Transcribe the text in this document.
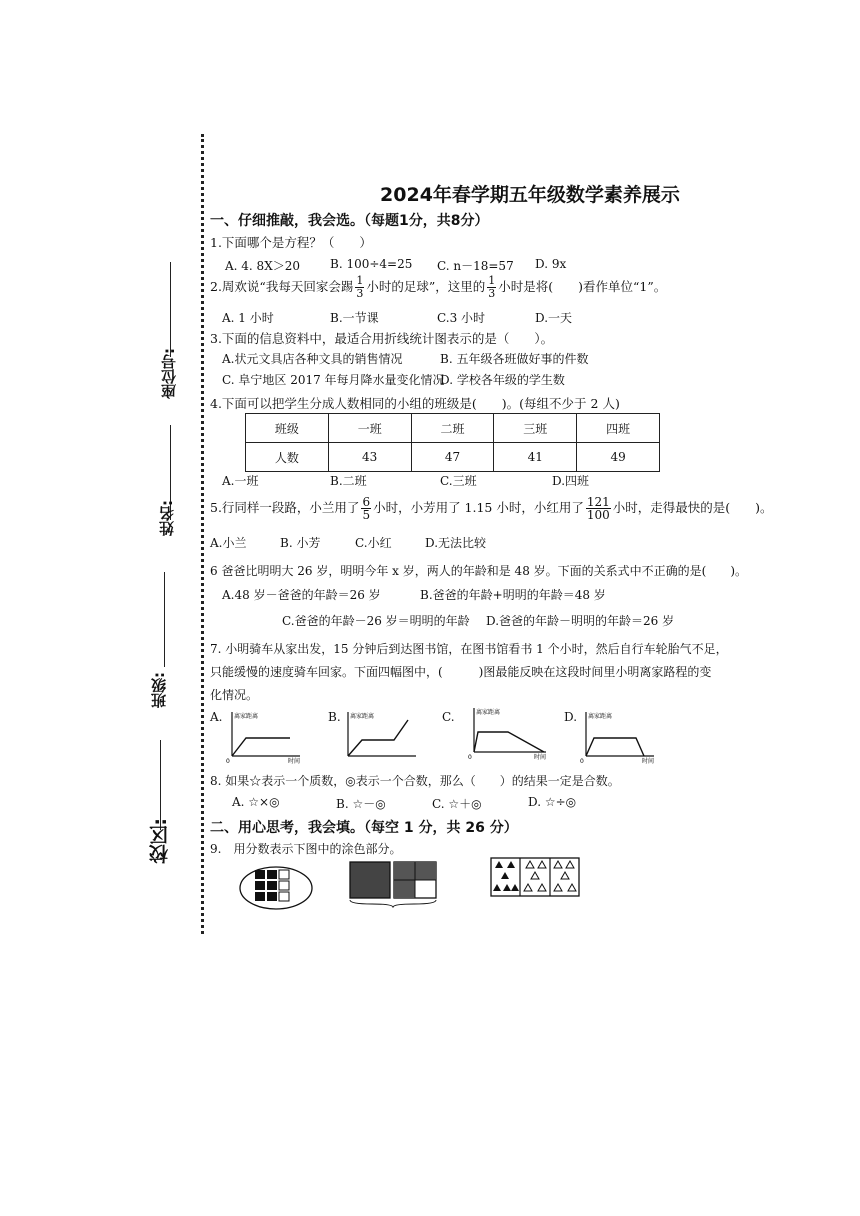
座位号:
姓名:
班级:
校区:
2024年春学期五年级数学素养展示
一、仔细推敲，我会选。（每题1分，共8分）
1.下面哪个是方程？（　　）
A. 4. 8X＞20 B. 100÷4=25 C. n－18=57 D. 9x
2.周欢说“我每天回家会踢 $\frac{1}{3}$ 小时的足球”，这里的 $\frac{1}{3}$ 小时是将(　　)看作单位“1”。
A. 1 小时	B.一节课	C.3 小时	D.一天
3.下面的信息资料中，最适合用折线统计图表示的是（　　）。
A.状元文具店各种文具的销售情况	B. 五年级各班做好事的件数
C. 阜宁地区 2017 年每月降水量变化情况
D. 学校各年级的学生数
4.下面可以把学生分成人数相同的小组的班级是(　　)。(每组不少于 2 人)
班级	一班	二班	三班	四班
人数	43	47	41	49
A.一班	B.二班	C.三班	D.四班
5.行同样一段路，小兰用了 $\frac{6}{5}$ 小时，小芳用了 1.15 小时，小红用了 $\frac{121}{100}$ 小时，走得最快的是(　　)。
A.小兰	B. 小芳	C.小红	D.无法比较
6 爸爸比明明大 26 岁，明明今年 x 岁，两人的年龄和是 48 岁。下面的关系式中不正确的是(　　)。
A.48 岁－爸爸的年龄＝26 岁	B.爸爸的年龄+明明的年龄＝48 岁
C.爸爸的年龄－26 岁＝明明的年龄 D.爸爸的年龄－明明的年龄＝26 岁
7. 小明骑车从家出发，15 分钟后到达图书馆，在图书馆看书 1 个小时，然后自行车轮胎气不足，
只能缓慢的速度骑车回家。下面四幅图中，(　　　)图最能反映在这段时间里小明离家路程的变
化情况。
A. 离家距离
0	时间
B. 离家距离	C.	离家距离
0	时间
D. 离家距离
0	时间
8. 如果☆表示一个质数，◎表示一个合数，那么（　　）的结果一定是合数。
A. ☆×◎	B. ☆－◎	C. ☆＋◎	D. ☆÷◎
二、用心思考，我会填。（每空 1 分，共 26 分）
9.　用分数表示下图中的涂色部分。
